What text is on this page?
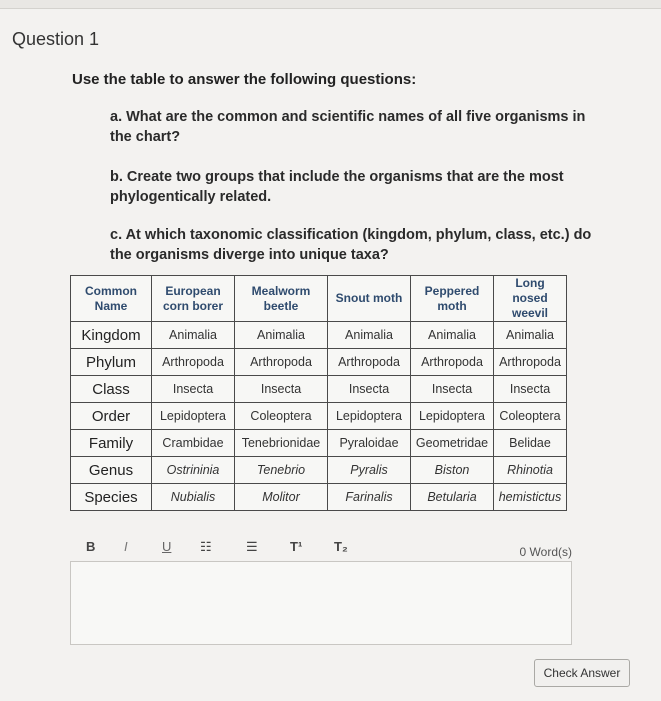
Question 1
Use the table to answer the following questions:
a. What are the common and scientific names of all five organisms in the chart?
b. Create two groups that include the organisms that are the most phylogentically related.
c. At which taxonomic classification (kingdom, phylum, class, etc.) do the organisms diverge into unique taxa?
Common Name	European corn borer	Mealworm beetle	Snout moth	Peppered moth	Long nosed weevil
Kingdom	Animalia	Animalia	Animalia	Animalia	Animalia
Phylum	Arthropoda	Arthropoda	Arthropoda	Arthropoda	Arthropoda
Class	Insecta	Insecta	Insecta	Insecta	Insecta
Order	Lepidoptera	Coleoptera	Lepidoptera	Lepidoptera	Coleoptera
Family	Crambidae	Tenebrionidae	Pyraloidae	Geometridae	Belidae
Genus	Ostrininia	Tenebrio	Pyralis	Biston	Rhinotia
Species	Nubialis	Molitor	Farinalis	Betularia	hemistictus
B I	U ☷	☰ T¹ T₂	0 Word(s)
Check Answer
